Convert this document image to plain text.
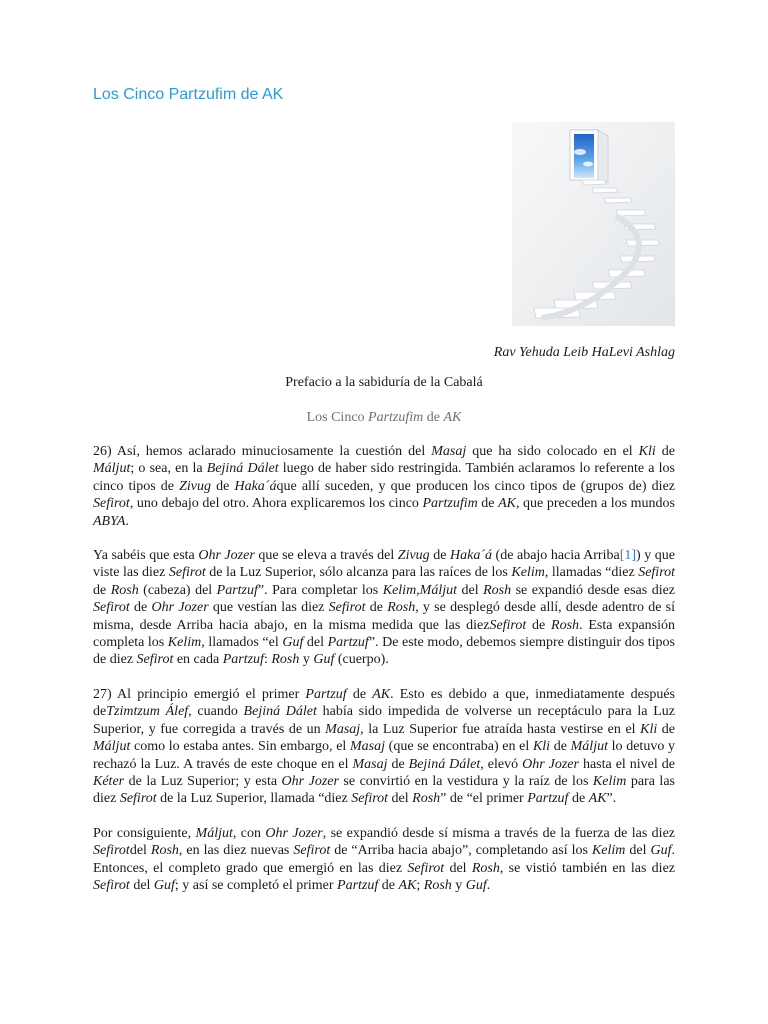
Los Cinco Partzufim de AK
Rav Yehuda Leib HaLevi Ashlag
Prefacio a la sabiduría de la Cabalá
Los Cinco Partzufim de AK

26) Así, hemos aclarado minuciosamente la cuestión del Masaj que ha sido colocado en el Kli de Máljut; o sea, en la Bejiná Dálet luego de haber sido restringida. También aclaramos lo referente a los cinco tipos de Zivug de Haka´áque allí suceden, y que producen los cinco tipos de (grupos de) diez Sefirot, uno debajo del otro. Ahora explicaremos los cinco Partzufim de AK, que preceden a los mundos ABYA.

Ya sabéis que esta Ohr Jozer que se eleva a través del Zivug de Haka´á (de abajo hacia Arriba[1]) y que viste las diez Sefirot de la Luz Superior, sólo alcanza para las raíces de los Kelim, llamadas “diez Sefirot de Rosh (cabeza) del Partzuf”. Para completar los Kelim,Máljut del Rosh se expandió desde esas diez Sefirot de Ohr Jozer que vestían las diez Sefirot de Rosh, y se desplegó desde allí, desde adentro de sí misma, desde Arriba hacia abajo, en la misma medida que las diezSefirot de Rosh. Esta expansión completa los Kelim, llamados “el Guf del Partzuf”. De este modo, debemos siempre distinguir dos tipos de diez Sefirot en cada Partzuf: Rosh y Guf (cuerpo).

27) Al principio emergió el primer Partzuf de AK. Esto es debido a que, inmediatamente después deTzimtzum Álef, cuando Bejiná Dálet había sido impedida de volverse un receptáculo para la Luz Superior, y fue corregida a través de un Masaj, la Luz Superior fue atraída hasta vestirse en el Kli de Máljut como lo estaba antes. Sin embargo, el Masaj (que se encontraba) en el Kli de Máljut lo detuvo y rechazó la Luz. A través de este choque en el Masaj de Bejiná Dálet, elevó Ohr Jozer hasta el nivel de Kéter de la Luz Superior; y esta Ohr Jozer se convirtió en la vestidura y la raíz de los Kelim para las diez Sefirot de la Luz Superior, llamada “diez Sefirot del Rosh” de “el primer Partzuf de AK”.

Por consiguiente, Máljut, con Ohr Jozer, se expandió desde sí misma a través de la fuerza de las diez Sefirotdel Rosh, en las diez nuevas Sefirot de “Arriba hacia abajo”, completando así los Kelim del Guf. Entonces, el completo grado que emergió en las diez Sefirot del Rosh, se vistió también en las diez Sefirot del Guf; y así se completó el primer Partzuf de AK; Rosh y Guf.
